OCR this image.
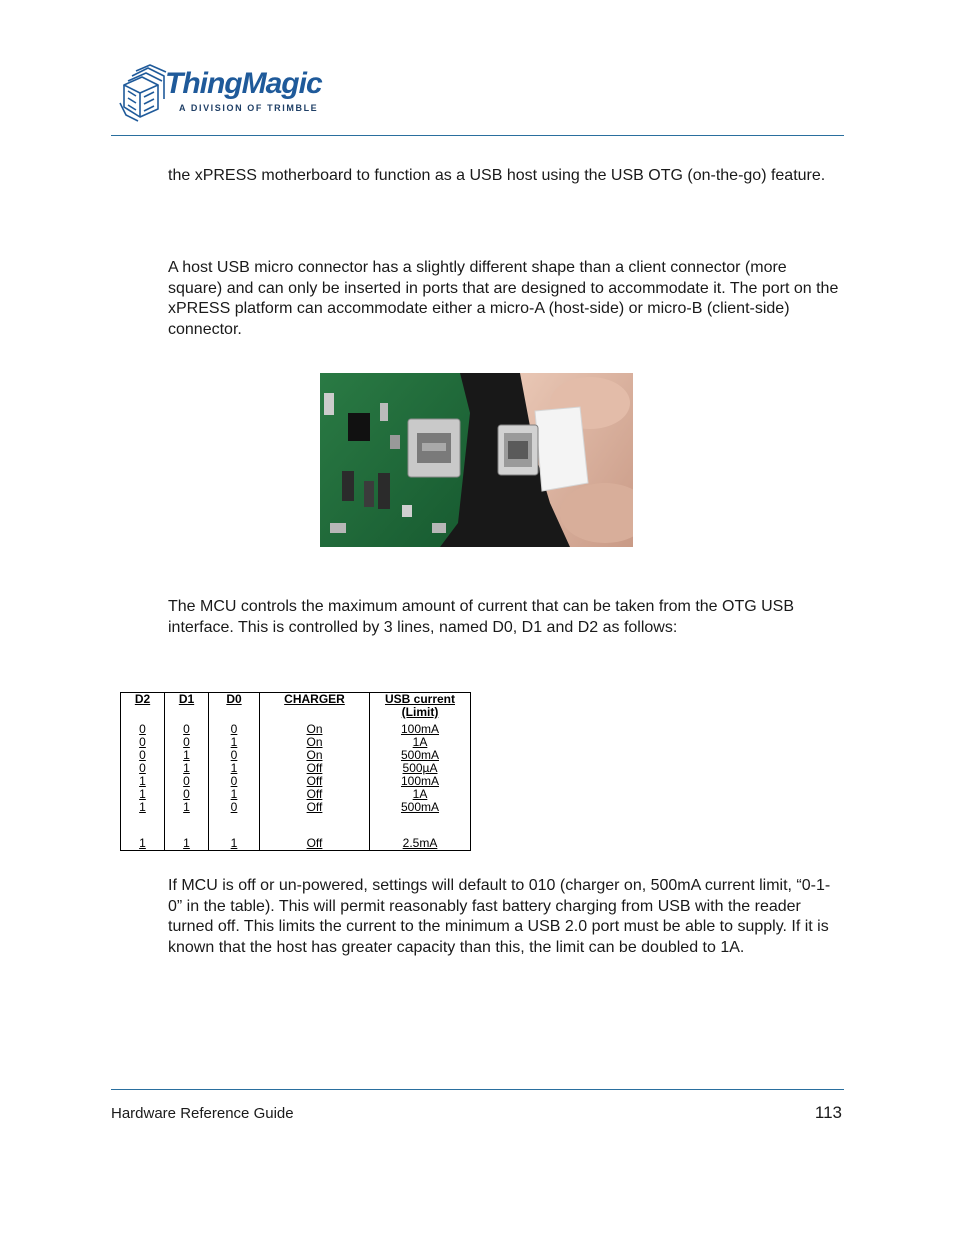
ThingMagic
A DIVISION OF TRIMBLE

the xPRESS motherboard to function as a USB host using the USB OTG (on-the-go) feature.

A host USB micro connector has a slightly different shape than a client connector (more square) and can only be inserted in ports that are designed to accommodate it. The port on the xPRESS platform can accommodate either a micro-A (host-side) or micro-B (client-side) connector.

The MCU controls the maximum amount of current that can be taken from the OTG USB interface. This is controlled by 3 lines, named D0, D1 and D2 as follows:

D2	D1	D0	CHARGER	USB current (Limit)
0	0	0	On	100mA
0	0	1	On	1A
0	1	0	On	500mA
0	1	1	Off	500µA
1	0	0	Off	100mA
1	0	1	Off	1A
1	1	0	Off	500mA
1	1	1	Off	2.5mA

If MCU is off or un-powered, settings will default to 010 (charger on, 500mA current limit, “0-1-0” in the table). This will permit reasonably fast battery charging from USB with the reader turned off. This limits the current to the minimum a USB 2.0 port must be able to supply. If it is known that the host has greater capacity than this, the limit can be doubled to 1A.

Hardware Reference Guide	113
